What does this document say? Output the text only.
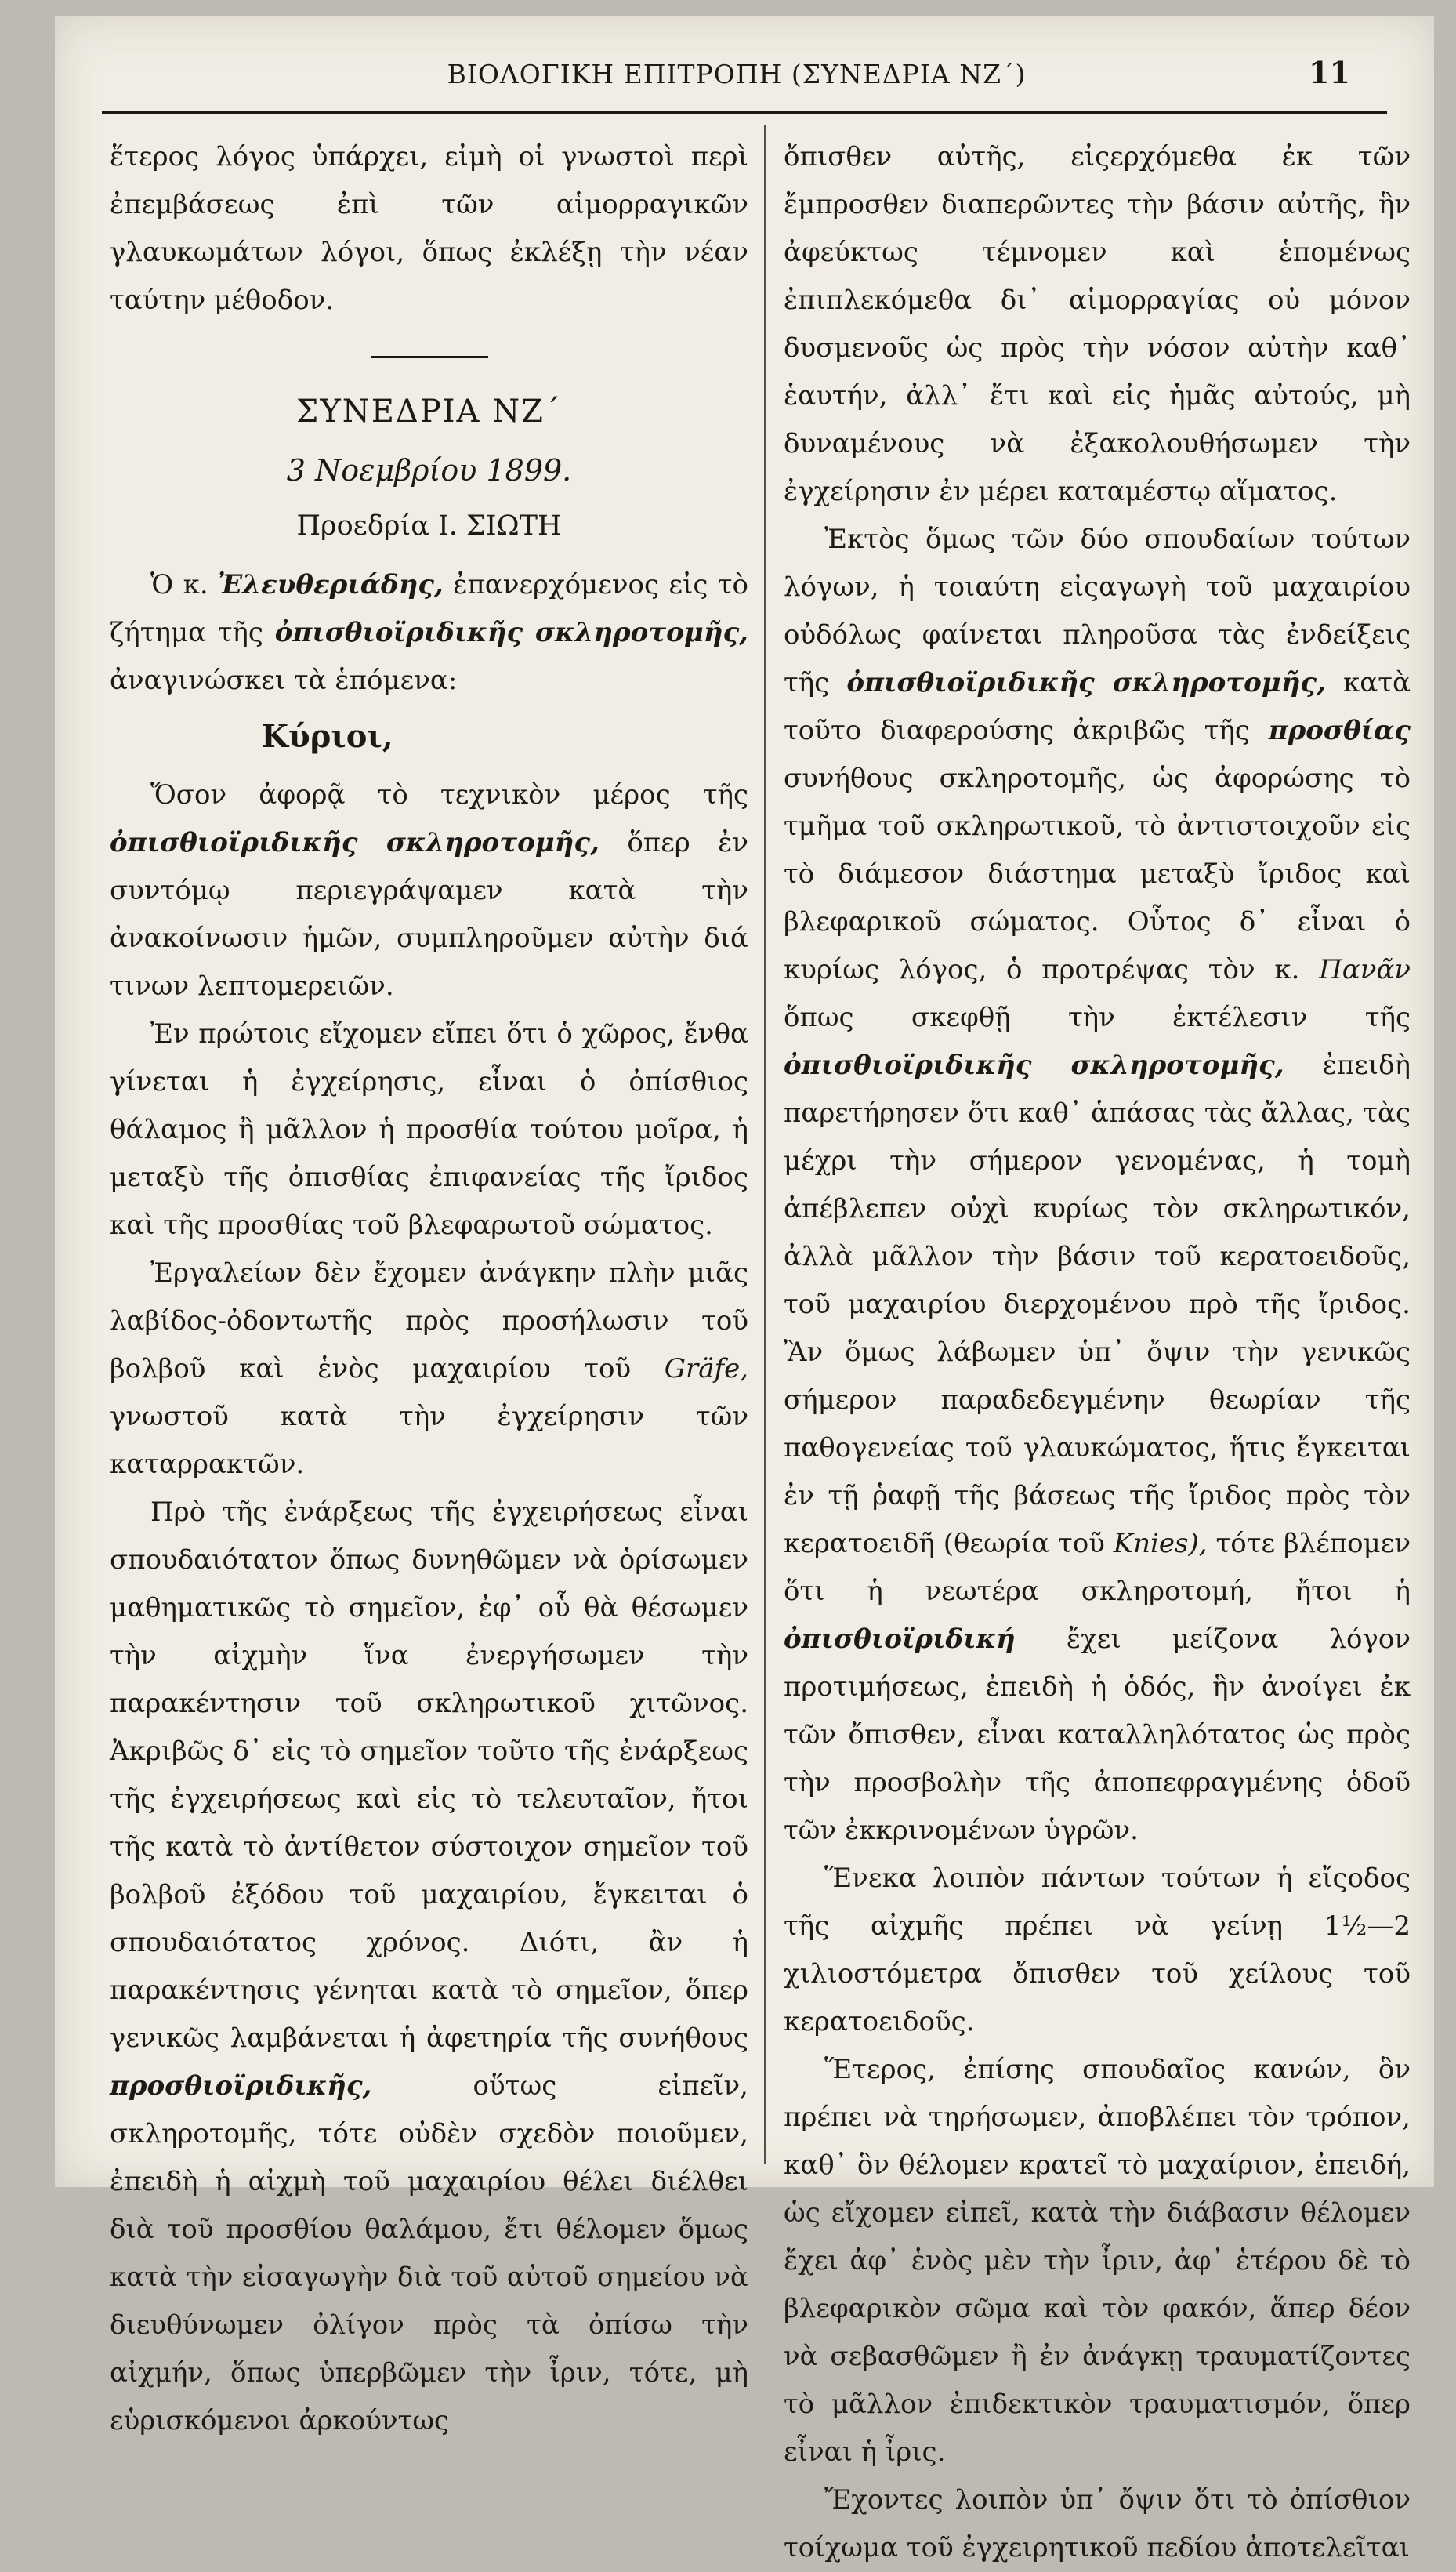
ΒΙΟΛΟΓΙΚΗ ΕΠΙΤΡΟΠΗ (ΣΥΝΕΔΡΙΑ ΝΖ΄)	11

ἕτερος λόγος ὑπάρχει, εἰμὴ οἱ γνωστοὶ περὶ ἐπεμβάσεως ἐπὶ τῶν αἱμορραγικῶν γλαυκωμάτων λόγοι, ὅπως ἐκλέξῃ τὴν νέαν ταύτην μέθοδον.

ΣΥΝΕΔΡΙΑ ΝΖ΄
3 Νοεμβρίου 1899.
Προεδρία Ι. ΣΙΩΤΗ

Ὁ κ. Ἐλευθεριάδης, ἐπανερχόμενος εἰς τὸ ζήτημα τῆς ὀπισθιοϊριδικῆς σκληροτομῆς, ἀναγινώσκει τὰ ἑπόμενα:

Κύριοι,

Ὅσον ἀφορᾷ τὸ τεχνικὸν μέρος τῆς ὀπισθιοϊριδικῆς σκληροτομῆς, ὅπερ ἐν συντόμῳ περιεγράψαμεν κατὰ τὴν ἀνακοίνωσιν ἡμῶν, συμπληροῦμεν αὐτὴν διά τινων λεπτομερειῶν.

Ἐν πρώτοις εἴχομεν εἴπει ὅτι ὁ χῶρος, ἔνθα γίνεται ἡ ἐγχείρησις, εἶναι ὁ ὀπίσθιος θάλαμος ἢ μᾶλλον ἡ προσθία τούτου μοῖρα, ἡ μεταξὺ τῆς ὀπισθίας ἐπιφανείας τῆς ἴριδος καὶ τῆς προσθίας τοῦ βλεφαρωτοῦ σώματος.

Ἐργαλείων δὲν ἔχομεν ἀνάγκην πλὴν μιᾶς λαβίδος-ὀδοντωτῆς πρὸς προσήλωσιν τοῦ βολβοῦ καὶ ἑνὸς μαχαιρίου τοῦ Gräfe, γνωστοῦ κατὰ τὴν ἐγχείρησιν τῶν καταρρακτῶν.

Πρὸ τῆς ἐνάρξεως τῆς ἐγχειρήσεως εἶναι σπουδαιότατον ὅπως δυνηθῶμεν νὰ ὁρίσωμεν μαθηματικῶς τὸ σημεῖον, ἐφ᾽ οὗ θὰ θέσωμεν τὴν αἰχμὴν ἵνα ἐνεργήσωμεν τὴν παρακέντησιν τοῦ σκληρωτικοῦ χιτῶνος. Ἀκριβῶς δ᾽ εἰς τὸ σημεῖον τοῦτο τῆς ἐνάρξεως τῆς ἐγχειρήσεως καὶ εἰς τὸ τελευταῖον, ἤτοι τῆς κατὰ τὸ ἀντίθετον σύστοιχον σημεῖον τοῦ βολβοῦ ἐξόδου τοῦ μαχαιρίου, ἔγκειται ὁ σπουδαιότατος χρόνος. Διότι, ἂν ἡ παρακέντησις γένηται κατὰ τὸ σημεῖον, ὅπερ γενικῶς λαμβάνεται ἡ ἀφετηρία τῆς συνήθους προσθιοϊριδικῆς,	οὕτως εἰπεῖν, σκληροτομῆς, τότε οὐδὲν σχεδὸν ποιοῦμεν, ἐπειδὴ ἡ αἰχμὴ τοῦ μαχαιρίου θέλει διέλθει διὰ τοῦ προσθίου θαλάμου, ἔτι θέλομεν ὅμως κατὰ τὴν εἰσαγωγὴν διὰ τοῦ αὐτοῦ σημείου νὰ διευθύνωμεν ὀλίγον πρὸς τὰ ὀπίσω τὴν αἰχμήν, ὅπως ὑπερβῶμεν τὴν ἶριν, τότε, μὴ εὑρισκόμενοι ἀρκούντως

ὄπισθεν αὐτῆς, εἰςερχόμεθα ἐκ τῶν ἔμπροσθεν διαπερῶντες τὴν βάσιν αὐτῆς, ἣν ἀφεύκτως τέμνομεν καὶ ἑπομένως ἐπιπλεκόμεθα δι᾽ αἱμορραγίας οὐ μόνον δυσμενοῦς ὡς πρὸς τὴν νόσον αὐτὴν καθ᾽ ἑαυτήν, ἀλλ᾽ ἔτι καὶ εἰς ἡμᾶς αὐτούς, μὴ δυναμένους νὰ ἐξακολουθήσωμεν τὴν ἐγχείρησιν ἐν μέρει καταμέστῳ αἵματος.

Ἐκτὸς ὅμως τῶν δύο σπουδαίων τούτων λόγων, ἡ τοιαύτη εἰςαγωγὴ τοῦ μαχαιρίου οὐδόλως φαίνεται πληροῦσα τὰς ἐνδείξεις τῆς ὀπισθιοϊριδικῆς σκληροτομῆς, κατὰ τοῦτο διαφερούσης ἀκριβῶς τῆς προσθίας συνήθους σκληροτομῆς, ὡς ἀφορώσης τὸ τμῆμα τοῦ σκληρωτικοῦ, τὸ ἀντιστοιχοῦν εἰς τὸ διάμεσον διάστημα μεταξὺ ἴριδος καὶ βλεφαρικοῦ σώματος. Οὗτος δ᾽ εἶναι ὁ κυρίως λόγος, ὁ προτρέψας τὸν κ. Πανᾶν ὅπως σκεφθῇ τὴν ἐκτέλεσιν τῆς ὀπισθιοϊριδικῆς σκληροτομῆς, ἐπειδὴ παρετήρησεν ὅτι καθ᾽ ἁπάσας τὰς ἄλλας, τὰς μέχρι τὴν σήμερον γενομένας, ἡ τομὴ ἀπέβλεπεν οὐχὶ κυρίως τὸν σκληρωτικόν, ἀλλὰ μᾶλλον τὴν βάσιν τοῦ κερατοειδοῦς, τοῦ μαχαιρίου διερχομένου πρὸ τῆς ἴριδος. Ἂν ὅμως λάβωμεν ὑπ᾽ ὄψιν τὴν γενικῶς σήμερον παραδεδεγμένην θεωρίαν τῆς παθογενείας τοῦ γλαυκώματος, ἥτις ἔγκειται ἐν τῇ ῥαφῇ τῆς βάσεως τῆς ἴριδος πρὸς τὸν κερατοειδῆ (θεωρία τοῦ Knies), τότε βλέπομεν ὅτι ἡ νεωτέρα σκληροτομή, ἤτοι ἡ ὀπισθιοϊριδική ἔχει μείζονα λόγον προτιμήσεως, ἐπειδὴ ἡ ὁδός, ἣν ἀνοίγει ἐκ τῶν ὄπισθεν, εἶναι καταλληλότατος ὡς πρὸς τὴν προσβολὴν τῆς ἀποπεφραγμένης ὁδοῦ τῶν ἐκκρινομένων ὑγρῶν.

Ἕνεκα λοιπὸν πάντων τούτων ἡ εἴςοδος τῆς αἰχμῆς πρέπει νὰ γείνῃ 1½—2 χιλιοστόμετρα ὄπισθεν τοῦ χείλους τοῦ κερατοειδοῦς.

Ἕτερος, ἐπίσης σπουδαῖος κανών, ὃν πρέπει νὰ τηρήσωμεν, ἀποβλέπει τὸν τρόπον, καθ᾽ ὃν θέλομεν κρατεῖ τὸ μαχαίριον, ἐπειδή, ὡς εἴχομεν εἰπεῖ, κατὰ τὴν διάβασιν θέλομεν ἔχει ἀφ᾽ ἑνὸς μὲν τὴν ἶριν, ἀφ᾽ ἑτέρου δὲ τὸ βλεφαρικὸν σῶμα καὶ τὸν φακόν, ἅπερ δέον νὰ σεβασθῶμεν ἢ ἐν ἀνάγκῃ τραυματίζοντες τὸ μᾶλλον ἐπιδεκτικὸν τραυματισμόν, ὅπερ εἶναι ἡ ἶρις.

Ἔχοντες λοιπὸν ὑπ᾽ ὄψιν ὅτι τὸ ὀπίσθιον τοίχωμα τοῦ ἐγχειρητικοῦ πεδίου ἀποτελεῖται
